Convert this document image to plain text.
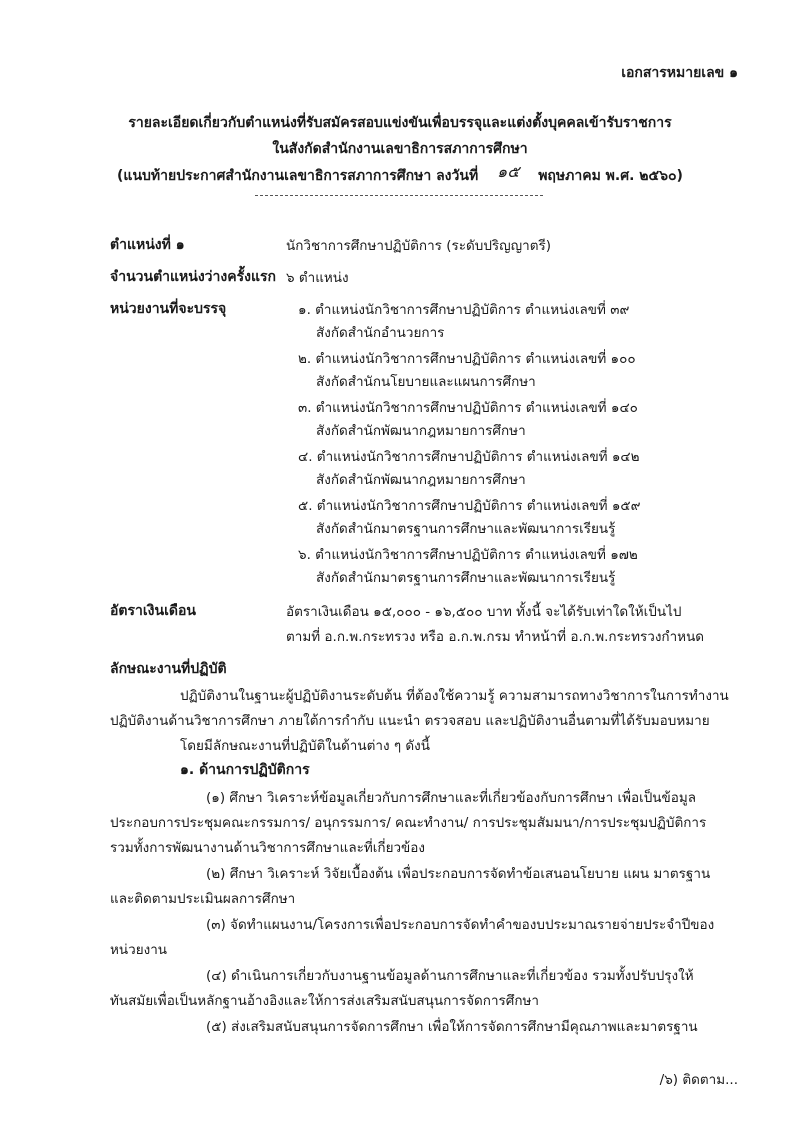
เอกสารหมายเลข ๑
รายละเอียดเกี่ยวกับตำแหน่งที่รับสมัครสอบแข่งขันเพื่อบรรจุและแต่งตั้งบุคคลเข้ารับราชการ
ในสังกัดสำนักงานเลขาธิการสภาการศึกษา
(แนบท้ายประกาศสำนักงานเลขาธิการสภาการศึกษา ลงวันที่ ๑๕ พฤษภาคม พ.ศ. ๒๕๖๐)
ตำแหน่งที่ ๑	นักวิชาการศึกษาปฏิบัติการ (ระดับปริญญาตรี)
จำนวนตำแหน่งว่างครั้งแรก ๖ ตำแหน่ง
หน่วยงานที่จะบรรจุ	๑. ตำแหน่งนักวิชาการศึกษาปฏิบัติการ ตำแหน่งเลขที่ ๓๙
สังกัดสำนักอำนวยการ
๒. ตำแหน่งนักวิชาการศึกษาปฏิบัติการ ตำแหน่งเลขที่ ๑๐๐
สังกัดสำนักนโยบายและแผนการศึกษา
๓. ตำแหน่งนักวิชาการศึกษาปฏิบัติการ ตำแหน่งเลขที่ ๑๔๐
สังกัดสำนักพัฒนากฎหมายการศึกษา
๔. ตำแหน่งนักวิชาการศึกษาปฏิบัติการ ตำแหน่งเลขที่ ๑๔๒
สังกัดสำนักพัฒนากฎหมายการศึกษา
๕. ตำแหน่งนักวิชาการศึกษาปฏิบัติการ ตำแหน่งเลขที่ ๑๕๙
สังกัดสำนักมาตรฐานการศึกษาและพัฒนาการเรียนรู้
๖. ตำแหน่งนักวิชาการศึกษาปฏิบัติการ ตำแหน่งเลขที่ ๑๗๒
สังกัดสำนักมาตรฐานการศึกษาและพัฒนาการเรียนรู้
อัตราเงินเดือน	อัตราเงินเดือน ๑๕,๐๐๐ - ๑๖,๕๐๐ บาท ทั้งนี้ จะได้รับเท่าใดให้เป็นไป
ตามที่ อ.ก.พ.กระทรวง หรือ อ.ก.พ.กรม ทำหน้าที่ อ.ก.พ.กระทรวงกำหนด
ลักษณะงานที่ปฏิบัติ
ปฏิบัติงานในฐานะผู้ปฏิบัติงานระดับต้น ที่ต้องใช้ความรู้ ความสามารถทางวิชาการในการทำงาน
ปฏิบัติงานด้านวิชาการศึกษา ภายใต้การกำกับ แนะนำ ตรวจสอบ และปฏิบัติงานอื่นตามที่ได้รับมอบหมาย
โดยมีลักษณะงานที่ปฏิบัติในด้านต่าง ๆ ดังนี้
๑. ด้านการปฏิบัติการ
(๑) ศึกษา วิเคราะห์ข้อมูลเกี่ยวกับการศึกษาและที่เกี่ยวข้องกับการศึกษา เพื่อเป็นข้อมูล
ประกอบการประชุมคณะกรรมการ/ อนุกรรมการ/ คณะทำงาน/ การประชุมสัมมนา/การประชุมปฏิบัติการ
รวมทั้งการพัฒนางานด้านวิชาการศึกษาและที่เกี่ยวข้อง
(๒) ศึกษา วิเคราะห์ วิจัยเบื้องต้น เพื่อประกอบการจัดทำข้อเสนอนโยบาย แผน มาตรฐาน
และติดตามประเมินผลการศึกษา
(๓) จัดทำแผนงาน/โครงการเพื่อประกอบการจัดทำคำของบประมาณรายจ่ายประจำปีของ
หน่วยงาน
(๔) ดำเนินการเกี่ยวกับงานฐานข้อมูลด้านการศึกษาและที่เกี่ยวข้อง รวมทั้งปรับปรุงให้
ทันสมัยเพื่อเป็นหลักฐานอ้างอิงและให้การส่งเสริมสนับสนุนการจัดการศึกษา
(๕) ส่งเสริมสนับสนุนการจัดการศึกษา เพื่อให้การจัดการศึกษามีคุณภาพและมาตรฐาน
/๖) ติดตาม...
